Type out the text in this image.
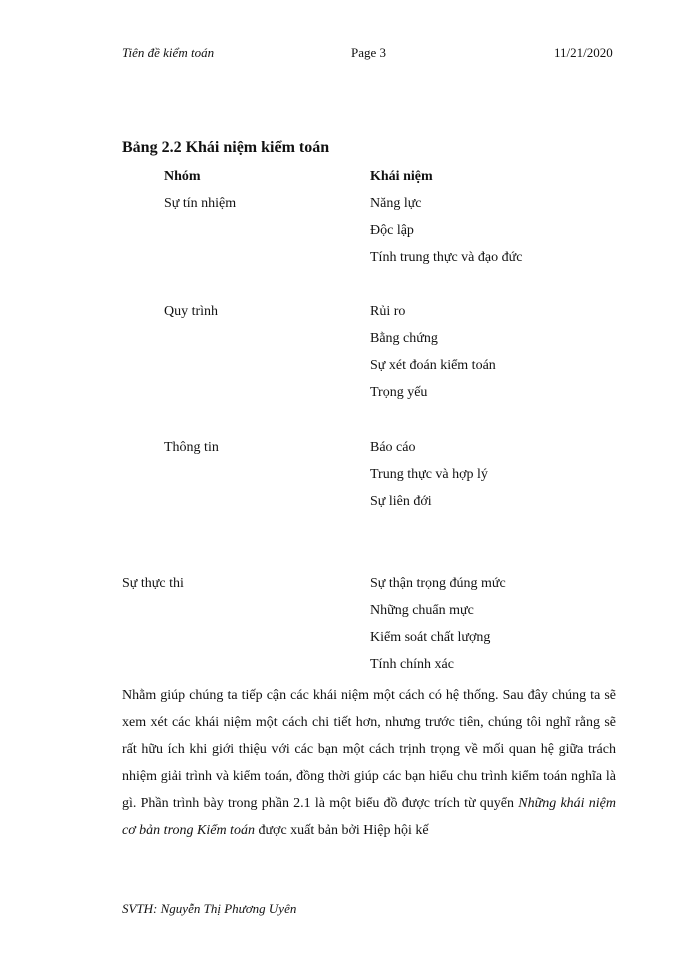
Tiên đề kiểm toán	Page 3	11/21/2020
Bảng 2.2 Khái niệm kiểm toán
Nhóm	Khái niệm
Sự tín nhiệm	Năng lực
Độc lập
Tính trung thực và đạo đức
Quy trình	Rủi ro
Bằng chứng
Sự xét đoán kiểm toán
Trọng yếu
Thông tin	Báo cáo
Trung thực và hợp lý
Sự liên đới
Sự thực thi	Sự thận trọng đúng mức
Những chuẩn mực
Kiểm soát chất lượng
Tính chính xác
Nhằm giúp chúng ta tiếp cận các khái niệm một cách có hệ thống. Sau đây chúng ta sẽ xem xét các khái niệm một cách chi tiết hơn, nhưng trước tiên, chúng tôi nghĩ rằng sẽ rất hữu ích khi giới thiệu với các bạn một cách trịnh trọng về mối quan hệ giữa trách nhiệm giải trình và kiểm toán, đồng thời giúp các bạn hiểu chu trình kiểm toán nghĩa là gì. Phần trình bày trong phần 2.1 là một biểu đồ được trích từ quyển Những khái niệm cơ bản trong Kiểm toán được xuất bản bởi Hiệp hội kế
SVTH: Nguyễn Thị Phương Uyên
